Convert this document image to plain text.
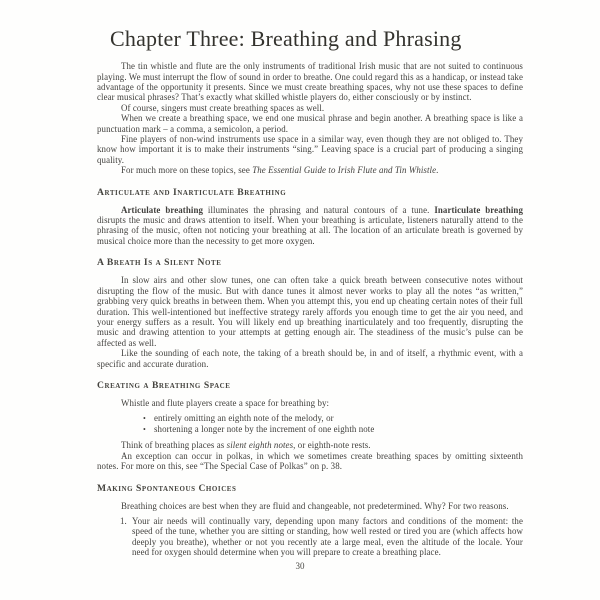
Chapter Three: Breathing and Phrasing

The tin whistle and flute are the only instruments of traditional Irish music that are not suited to continuous playing. We must interrupt the flow of sound in order to breathe. One could regard this as a handicap, or instead take advantage of the opportunity it presents. Since we must create breathing spaces, why not use these spaces to define clear musical phrases? That’s exactly what skilled whistle players do, either consciously or by instinct.

Of course, singers must create breathing spaces as well.

When we create a breathing space, we end one musical phrase and begin another. A breathing space is like a punctuation mark – a comma, a semicolon, a period.

Fine players of non-wind instruments use space in a similar way, even though they are not obliged to. They know how important it is to make their instruments “sing.” Leaving space is a crucial part of producing a singing quality.

For much more on these topics, see The Essential Guide to Irish Flute and Tin Whistle.

Articulate and Inarticulate Breathing

Articulate breathing illuminates the phrasing and natural contours of a tune. Inarticulate breathing disrupts the music and draws attention to itself. When your breathing is articulate, listeners naturally attend to the phrasing of the music, often not noticing your breathing at all. The location of an articulate breath is governed by musical choice more than the necessity to get more oxygen.

A Breath Is a Silent Note

In slow airs and other slow tunes, one can often take a quick breath between consecutive notes without disrupting the flow of the music. But with dance tunes it almost never works to play all the notes “as written,” grabbing very quick breaths in between them. When you attempt this, you end up cheating certain notes of their full duration. This well-intentioned but ineffective strategy rarely affords you enough time to get the air you need, and your energy suffers as a result. You will likely end up breathing inarticulately and too frequently, disrupting the music and drawing attention to your attempts at getting enough air. The steadiness of the music’s pulse can be affected as well.

Like the sounding of each note, the taking of a breath should be, in and of itself, a rhythmic event, with a specific and accurate duration.

Creating a Breathing Space

Whistle and flute players create a space for breathing by:

• entirely omitting an eighth note of the melody, or
• shortening a longer note by the increment of one eighth note

Think of breathing places as silent eighth notes, or eighth-note rests.

An exception can occur in polkas, in which we sometimes create breathing spaces by omitting sixteenth notes. For more on this, see “The Special Case of Polkas” on p. 38.

Making Spontaneous Choices

Breathing choices are best when they are fluid and changeable, not predetermined. Why? For two reasons.

1. Your air needs will continually vary, depending upon many factors and conditions of the moment: the speed of the tune, whether you are sitting or standing, how well rested or tired you are (which affects how deeply you breathe), whether or not you recently ate a large meal, even the altitude of the locale. Your need for oxygen should determine when you will prepare to create a breathing place.
30
